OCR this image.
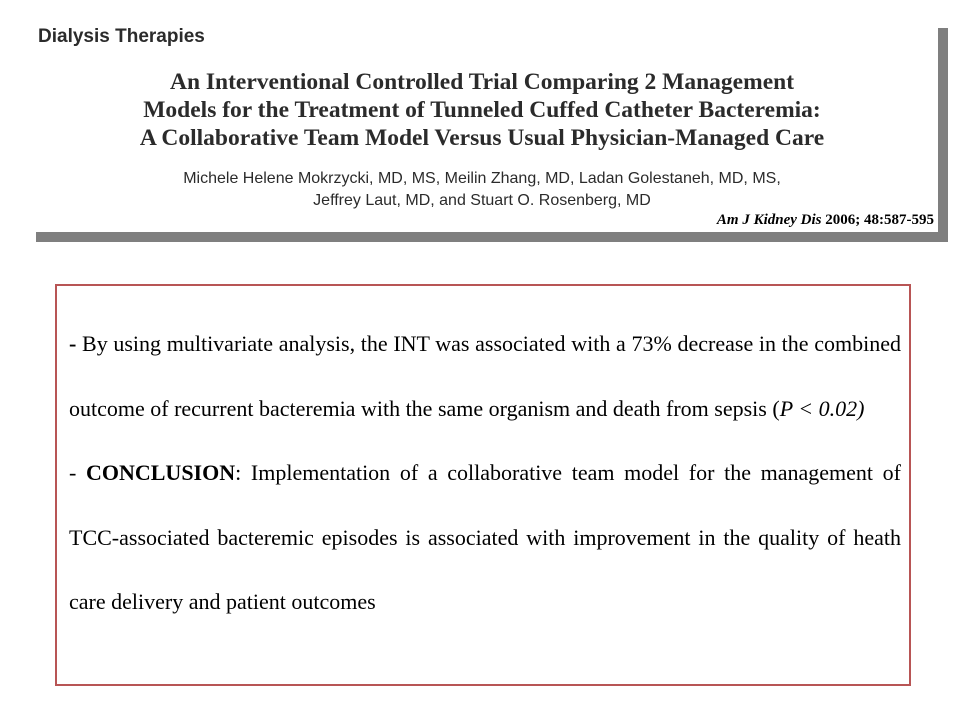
Dialysis Therapies
An Interventional Controlled Trial Comparing 2 Management
Models for the Treatment of Tunneled Cuffed Catheter Bacteremia:
A Collaborative Team Model Versus Usual Physician-Managed Care
Michele Helene Mokrzycki, MD, MS, Meilin Zhang, MD, Ladan Golestaneh, MD, MS,
Jeffrey Laut, MD, and Stuart O. Rosenberg, MD
Am J Kidney Dis 2006; 48:587-595

- By using multivariate analysis, the INT was associated with a 73% decrease in the combined outcome of recurrent bacteremia with the same organism and death from sepsis (P < 0.02)

- CONCLUSION: Implementation of a collaborative team model for the management of TCC-associated bacteremic episodes is associated with improvement in the quality of heath care delivery and patient outcomes
